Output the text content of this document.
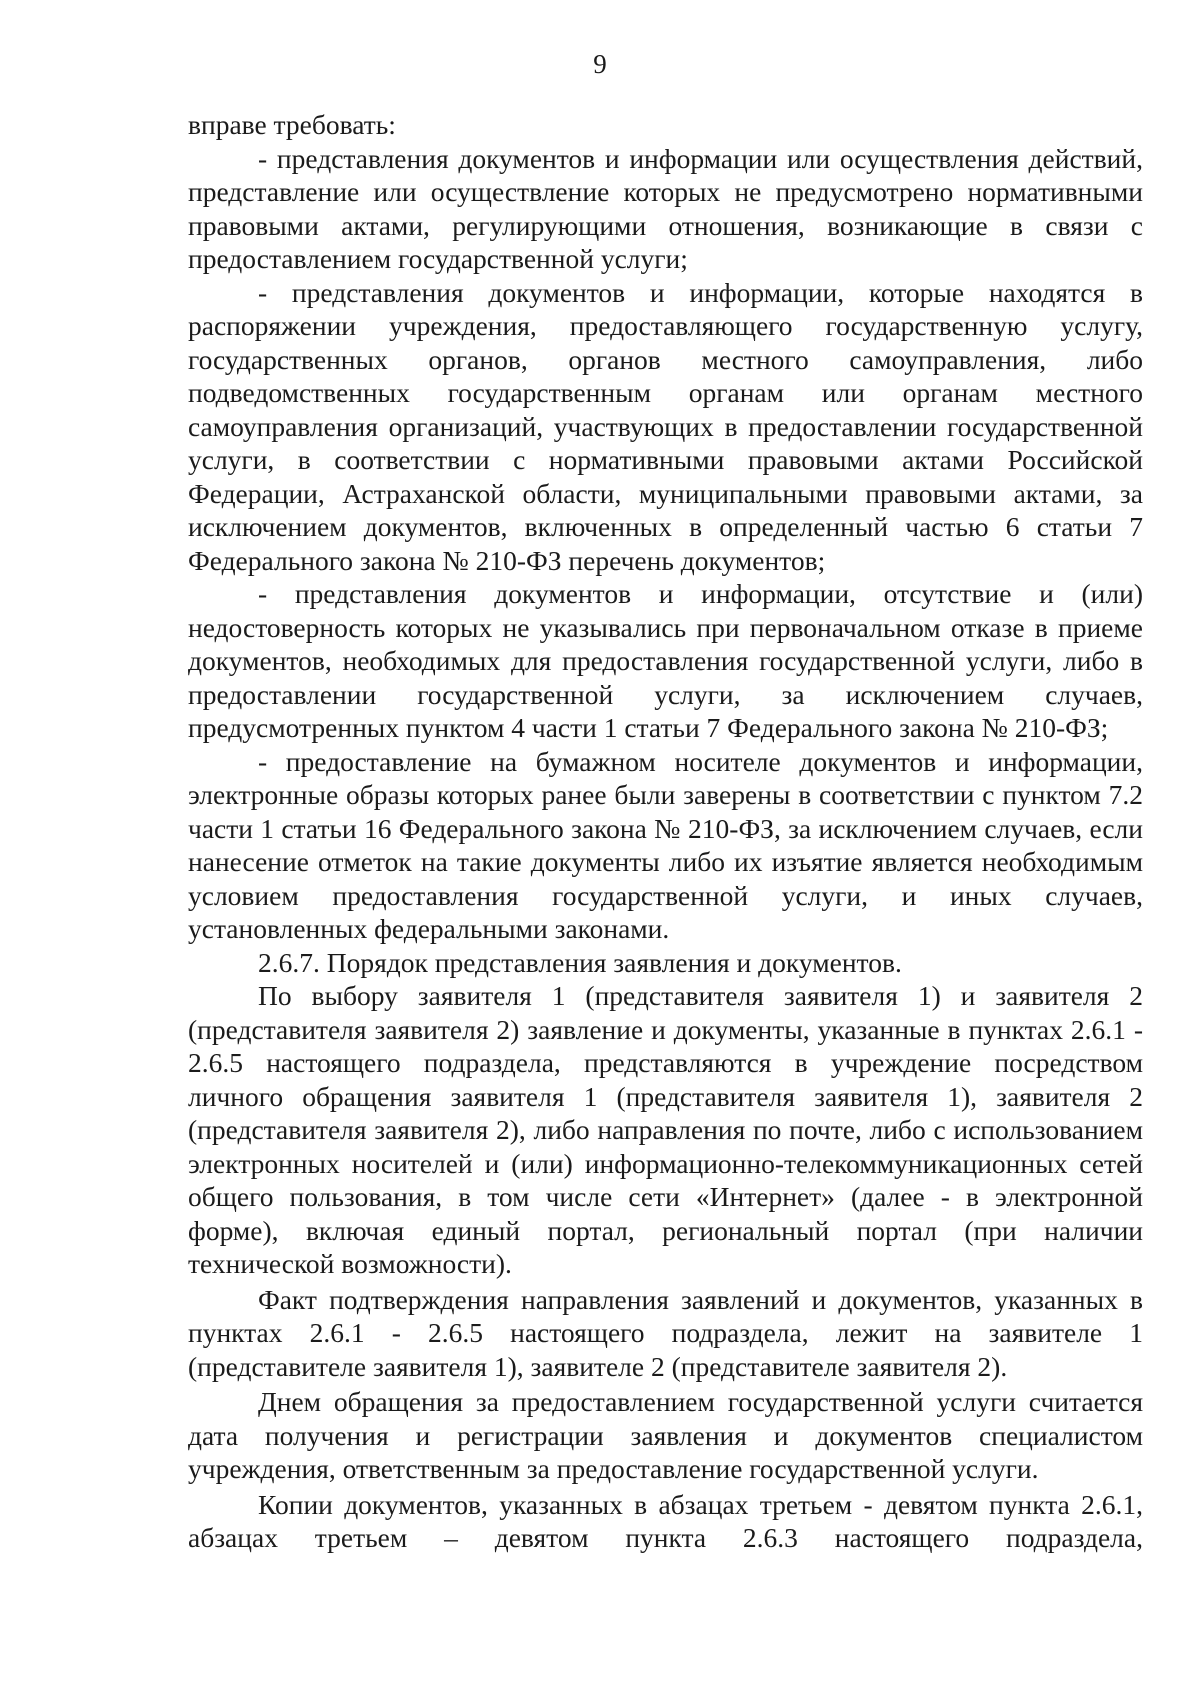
9

вправе требовать:

- представления документов и информации или осуществления действий, представление или осуществление которых не предусмотрено нормативными правовыми актами, регулирующими отношения, возникающие в связи с предоставлением государственной услуги;

- представления документов и информации, которые находятся в распоряжении учреждения, предоставляющего государственную услугу, государственных органов, органов местного самоуправления, либо подведомственных государственным органам или органам местного самоуправления организаций, участвующих в предоставлении государственной услуги, в соответствии с нормативными правовыми актами Российской Федерации, Астраханской области, муниципальными правовыми актами, за исключением документов, включенных в определенный частью 6 статьи 7 Федерального закона № 210-ФЗ перечень документов;

- представления документов и информации, отсутствие и (или) недостоверность которых не указывались при первоначальном отказе в приеме документов, необходимых для предоставления государственной услуги, либо в предоставлении государственной услуги, за исключением случаев, предусмотренных пунктом 4 части 1 статьи 7 Федерального закона № 210-ФЗ;

- предоставление на бумажном носителе документов и информации, электронные образы которых ранее были заверены в соответствии с пунктом 7.2 части 1 статьи 16 Федерального закона № 210-ФЗ, за исключением случаев, если нанесение отметок на такие документы либо их изъятие является необходимым условием предоставления государственной услуги, и иных случаев, установленных федеральными законами.

2.6.7. Порядок представления заявления и документов.

По выбору заявителя 1 (представителя заявителя 1) и заявителя 2 (представителя заявителя 2) заявление и документы, указанные в пунктах 2.6.1 - 2.6.5 настоящего подраздела, представляются в учреждение посредством личного обращения заявителя 1 (представителя заявителя 1), заявителя 2 (представителя заявителя 2), либо направления по почте, либо с использованием электронных носителей и (или) информационно-телекоммуникационных сетей общего пользования, в том числе сети «Интернет» (далее - в электронной форме), включая единый портал, региональный портал (при наличии технической возможности).

Факт подтверждения направления заявлений и документов, указанных в пунктах 2.6.1 - 2.6.5 настоящего подраздела, лежит на заявителе 1 (представителе заявителя 1), заявителе 2 (представителе заявителя 2).

Днем обращения за предоставлением государственной услуги считается дата получения и регистрации заявления и документов специалистом учреждения, ответственным за предоставление государственной услуги.

Копии документов, указанных в абзацах третьем - девятом пункта 2.6.1, абзацах третьем – девятом пункта 2.6.3 настоящего подраздела,
